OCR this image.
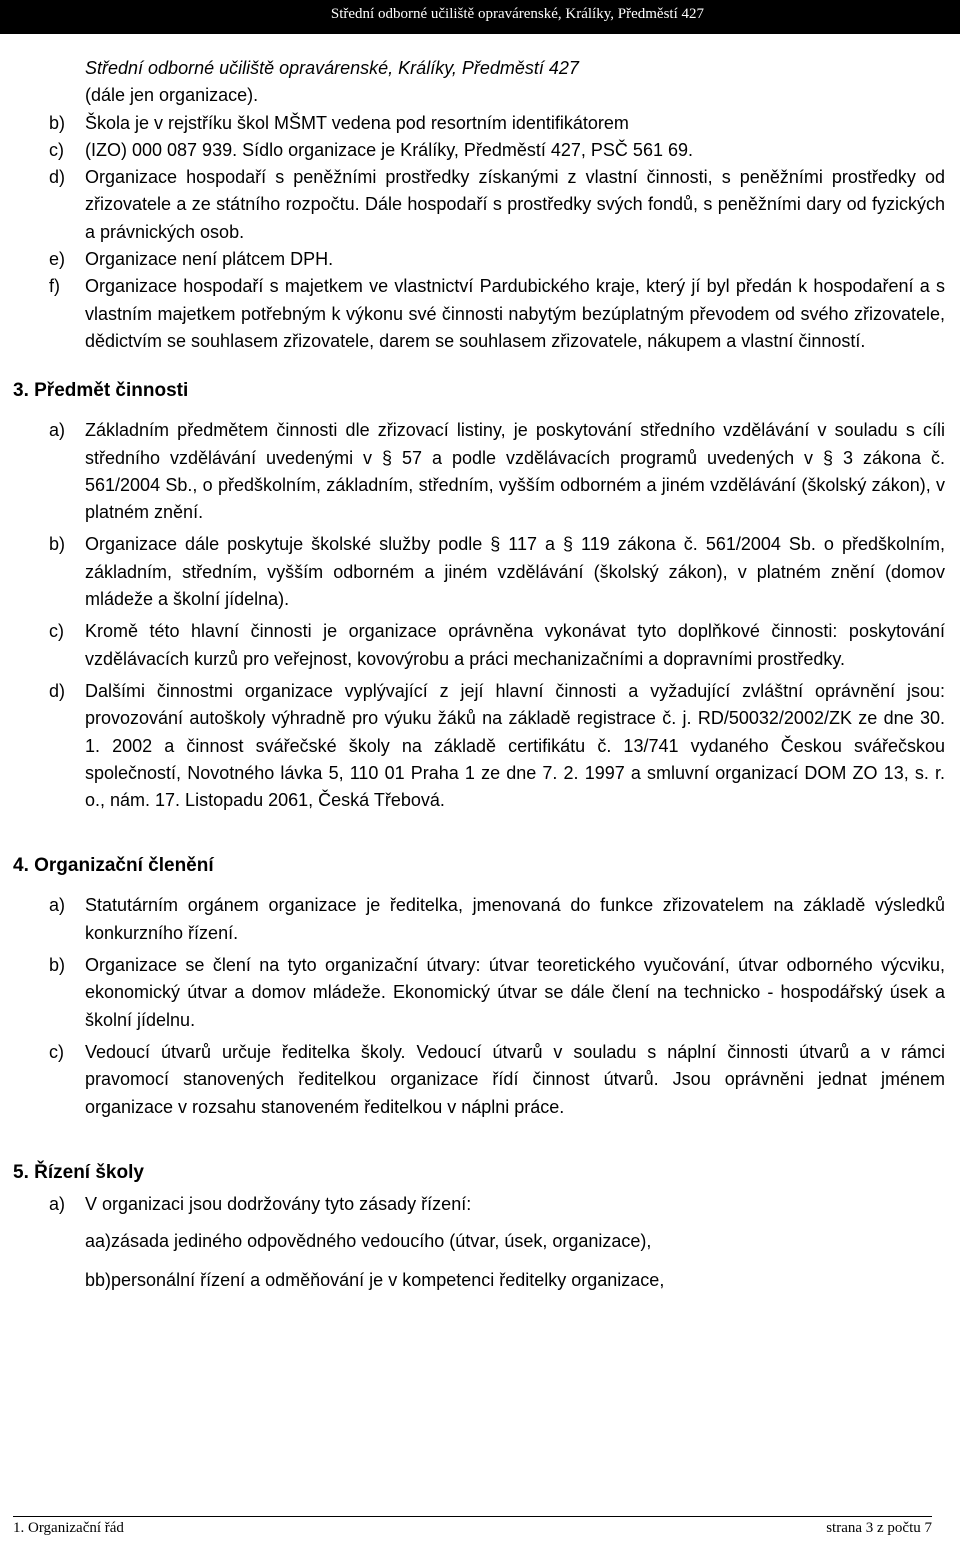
Střední odborné učiliště opravárenské, Králíky, Předměstí 427

Střední odborné učiliště opravárenské, Králíky, Předměstí 427

(dále jen organizace).

b) Škola je v rejstříku škol MŠMT vedena pod resortním identifikátorem
c) (IZO) 000 087 939. Sídlo organizace je Králíky, Předměstí 427, PSČ 561 69.
d) Organizace hospodaří s peněžními prostředky získanými z vlastní činnosti, s peněžními prostředky od zřizovatele a ze státního rozpočtu. Dále hospodaří s prostředky svých fondů, s peněžními dary od fyzických a právnických osob.
e) Organizace není plátcem DPH.
f) Organizace hospodaří s majetkem ve vlastnictví Pardubického kraje, který jí byl předán k hospodaření a s vlastním majetkem potřebným k výkonu své činnosti nabytým bezúplatným převodem od svého zřizovatele, dědictvím se souhlasem zřizovatele, darem se souhlasem zřizovatele, nákupem a vlastní činností.
3. Předmět činnosti
a) Základním předmětem činnosti dle zřizovací listiny, je poskytování středního vzdělávání v souladu s cíli středního vzdělávání uvedenými v § 57 a podle vzdělávacích programů uvedených v § 3 zákona č. 561/2004 Sb., o předškolním, základním, středním, vyšším odborném a jiném vzdělávání (školský zákon), v platném znění.
b) Organizace dále poskytuje školské služby podle § 117 a § 119 zákona č. 561/2004 Sb. o předškolním, základním, středním, vyšším odborném a jiném vzdělávání (školský zákon), v platném znění (domov mládeže a školní jídelna).
c) Kromě této hlavní činnosti je organizace oprávněna vykonávat tyto doplňkové činnosti: poskytování vzdělávacích kurzů pro veřejnost, kovovýrobu a práci mechanizačními a dopravními prostředky.
d) Dalšími činnostmi organizace vyplývající z její hlavní činnosti a vyžadující zvláštní oprávnění jsou: provozování autoškoly výhradně pro výuku žáků na základě registrace č. j. RD/50032/2002/ZK ze dne 30. 1. 2002 a činnost svářečské školy na základě certifikátu č. 13/741 vydaného Českou svářečskou společností, Novotného lávka 5, 110 01 Praha 1 ze dne 7. 2. 1997 a smluvní organizací DOM ZO 13, s. r. o., nám. 17. Listopadu 2061, Česká Třebová.
4. Organizační členění
a) Statutárním orgánem organizace je ředitelka, jmenovaná do funkce zřizovatelem na základě výsledků konkurzního řízení.
b) Organizace se člení na tyto organizační útvary: útvar teoretického vyučování, útvar odborného výcviku, ekonomický útvar a domov mládeže. Ekonomický útvar se dále člení na technicko - hospodářský úsek a školní jídelnu.
c) Vedoucí útvarů určuje ředitelka školy. Vedoucí útvarů v souladu s náplní činnosti útvarů a v rámci pravomocí stanovených ředitelkou organizace řídí činnost útvarů. Jsou oprávněni jednat jménem organizace v rozsahu stanoveném ředitelkou v náplni práce.
5. Řízení školy
a) V organizaci jsou dodržovány tyto zásady řízení:
aa)zásada jediného odpovědného vedoucího (útvar, úsek, organizace),
bb)personální řízení a odměňování je v kompetenci ředitelky organizace,
1. Organizační řád	strana 3 z počtu 7
